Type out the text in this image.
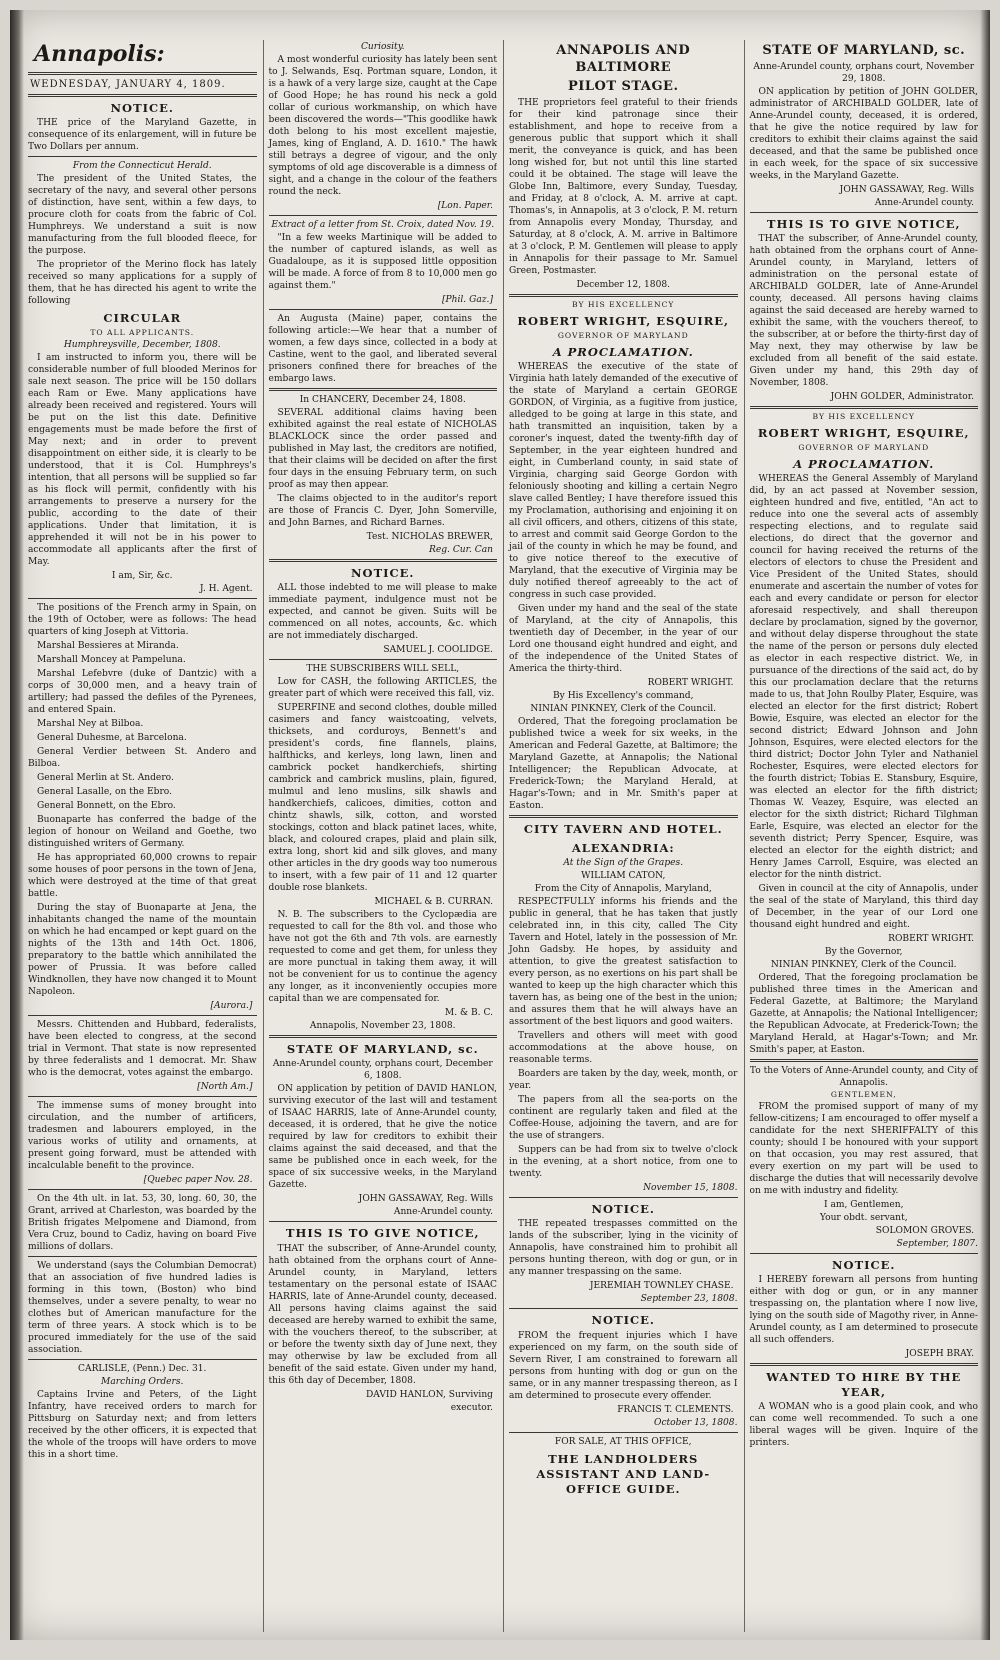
Annapolis:
WEDNESDAY, JANUARY 4, 1809.
NOTICE.

THE price of the Maryland Gazette, in consequence of its enlargement, will in future be Two Dollars per annum.

From the Connecticut Herald.

The president of the United States, the secretary of the navy, and several other persons of distinction, have sent, within a few days, to procure cloth for coats from the fabric of Col. Humphreys. We understand a suit is now manufacturing from the full blooded fleece, for the purpose.

The proprietor of the Merino flock has lately received so many applications for a supply of them, that he has directed his agent to write the following

CIRCULAR
TO ALL APPLICANTS.
Humphreysville, December, 1808.

I am instructed to inform you, there will be considerable number of full blooded Merinos for sale next season. The price will be 150 dollars each Ram or Ewe. Many applications have already been received and registered. Yours will be put on the list this date. Definitive engagements must be made before the first of May next; and in order to prevent disappointment on either side, it is clearly to be understood, that it is Col. Humphreys's intention, that all persons will be supplied so far as his flock will permit, confidently with his arrangements to preserve a nursery for the public, according to the date of their applications. Under that limitation, it is apprehended it will not be in his power to accommodate all applicants after the first of May.

I am, Sir, &c.
J. H. Agent.

The positions of the French army in Spain, on the 19th of October, were as follows: The head quarters of king Joseph at Vittoria.

Marshal Bessieres at Miranda.

Marshall Moncey at Pampeluna.

Marshal Lefebvre (duke of Dantzic) with a corps of 30,000 men, and a heavy train of artillery; had passed the defiles of the Pyrenees, and entered Spain.

Marshal Ney at Bilboa.

General Duhesme, at Barcelona.

General Verdier between St. Andero and Bilboa.

General Merlin at St. Andero.

General Lasalle, on the Ebro.

General Bonnett, on the Ebro.

Buonaparte has conferred the badge of the legion of honour on Weiland and Goethe, two distinguished writers of Germany.

He has appropriated 60,000 crowns to repair some houses of poor persons in the town of Jena, which were destroyed at the time of that great battle.

During the stay of Buonaparte at Jena, the inhabitants changed the name of the mountain on which he had encamped or kept guard on the nights of the 13th and 14th Oct. 1806, preparatory to the battle which annihilated the power of Prussia. It was before called Windknollen, they have now changed it to Mount Napoleon.

[Aurora.]

Messrs. Chittenden and Hubbard, federalists, have been elected to congress, at the second trial in Vermont. That state is now represented by three federalists and 1 democrat. Mr. Shaw who is the democrat, votes against the embargo.

[North Am.]

The immense sums of money brought into circulation, and the number of artificers, tradesmen and labourers employed, in the various works of utility and ornaments, at present going forward, must be attended with incalculable benefit to the province.

[Quebec paper Nov. 28.

On the 4th ult. in lat. 53, 30, long. 60, 30, the Grant, arrived at Charleston, was boarded by the British frigates Melpomene and Diamond, from Vera Cruz, bound to Cadiz, having on board Five millions of dollars.

We understand (says the Columbian Democrat) that an association of five hundred ladies is forming in this town, (Boston) who bind themselves, under a severe penalty, to wear no clothes but of American manufacture for the term of three years. A stock which is to be procured immediately for the use of the said association.

CARLISLE, (Penn.) Dec. 31.
Marching Orders.

Captains Irvine and Peters, of the Light Infantry, have received orders to march for Pittsburg on Saturday next; and from letters received by the other officers, it is expected that the whole of the troops will have orders to move this in a short time.

Curiosity.

A most wonderful curiosity has lately been sent to J. Selwands, Esq. Portman square, London, it is a hawk of a very large size, caught at the Cape of Good Hope; he has round his neck a gold collar of curious workmanship, on which have been discovered the words—"This goodlike hawk doth belong to his most excellent majestie, James, king of England, A. D. 1610." The hawk still betrays a degree of vigour, and the only symptoms of old age discoverable is a dimness of sight, and a change in the colour of the feathers round the neck.

[Lon. Paper.
Extract of a letter from St. Croix, dated Nov. 19.

"In a few weeks Martinique will be added to the number of captured islands, as well as Guadaloupe, as it is supposed little opposition will be made. A force of from 8 to 10,000 men go against them."

[Phil. Gaz.]

An Augusta (Maine) paper, contains the following article:—We hear that a number of women, a few days since, collected in a body at Castine, went to the gaol, and liberated several prisoners confined there for breaches of the embargo laws.

In CHANCERY, December 24, 1808.

SEVERAL additional claims having been exhibited against the real estate of NICHOLAS BLACKLOCK since the order passed and published in May last, the creditors are notified, that their claims will be decided on after the first four days in the ensuing February term, on such proof as may then appear.

The claims objected to in the auditor's report are those of Francis C. Dyer, John Somerville, and John Barnes, and Richard Barnes.

Test. NICHOLAS BREWER,
Reg. Cur. Can
NOTICE.

ALL those indebted to me will please to make immediate payment, indulgence must not be expected, and cannot be given. Suits will be commenced on all notes, accounts, &c. which are not immediately discharged.

SAMUEL J. COOLIDGE.
THE SUBSCRIBERS WILL SELL,

Low for CASH, the following ARTICLES, the greater part of which were received this fall, viz.

SUPERFINE and second clothes, double milled casimers and fancy waistcoating, velvets, thicksets, and corduroys, Bennett's and president's cords, fine flannels, plains, halfthicks, and kerleys, long lawn, linen and cambrick pocket handkerchiefs, shirting cambrick and cambrick muslins, plain, figured, mulmul and leno muslins, silk shawls and handkerchiefs, calicoes, dimities, cotton and chintz shawls, silk, cotton, and worsted stockings, cotton and black patinet laces, white, black, and coloured crapes, plaid and plain silk, extra long, short kid and silk gloves, and many other articles in the dry goods way too numerous to insert, with a few pair of 11 and 12 quarter double rose blankets.

MICHAEL & B. CURRAN.

N. B. The subscribers to the Cyclopædia are requested to call for the 8th vol. and those who have not got the 6th and 7th vols. are earnestly requested to come and get them, for unless they are more punctual in taking them away, it will not be convenient for us to continue the agency any longer, as it inconveniently occupies more capital than we are compensated for.

M. & B. C.
Annapolis, November 23, 1808.
STATE OF MARYLAND, sc.
Anne-Arundel county, orphans court, December 6, 1808.

ON application by petition of DAVID HANLON, surviving executor of the last will and testament of ISAAC HARRIS, late of Anne-Arundel county, deceased, it is ordered, that he give the notice required by law for creditors to exhibit their claims against the said deceased, and that the same be published once in each week, for the space of six successive weeks, in the Maryland Gazette.

JOHN GASSAWAY, Reg. Wills
Anne-Arundel county.
THIS IS TO GIVE NOTICE,

THAT the subscriber, of Anne-Arundel county, hath obtained from the orphans court of Anne-Arundel county, in Maryland, letters testamentary on the personal estate of ISAAC HARRIS, late of Anne-Arundel county, deceased. All persons having claims against the said deceased are hereby warned to exhibit the same, with the vouchers thereof, to the subscriber, at or before the twenty sixth day of June next, they may otherwise by law be excluded from all benefit of the said estate. Given under my hand, this 6th day of December, 1808.

DAVID HANLON, Surviving
executor.
ANNAPOLIS AND BALTIMORE
PILOT STAGE.

THE proprietors feel grateful to their friends for their kind patronage since their establishment, and hope to receive from a generous public that support which it shall merit, the conveyance is quick, and has been long wished for, but not until this line started could it be obtained. The stage will leave the Globe Inn, Baltimore, every Sunday, Tuesday, and Friday, at 8 o'clock, A. M. arrive at capt. Thomas's, in Annapolis, at 3 o'clock, P. M. return from Annapolis every Monday, Thursday, and Saturday, at 8 o'clock, A. M. arrive in Baltimore at 3 o'clock, P. M. Gentlemen will please to apply in Annapolis for their passage to Mr. Samuel Green, Postmaster.

December 12, 1808.
BY HIS EXCELLENCY
ROBERT WRIGHT, ESQUIRE,
GOVERNOR OF MARYLAND
A PROCLAMATION.

WHEREAS the executive of the state of Virginia hath lately demanded of the executive of the state of Maryland a certain GEORGE GORDON, of Virginia, as a fugitive from justice, alledged to be going at large in this state, and hath transmitted an inquisition, taken by a coroner's inquest, dated the twenty-fifth day of September, in the year eighteen hundred and eight, in Cumberland county, in said state of Virginia, charging said George Gordon with feloniously shooting and killing a certain Negro slave called Bentley; I have therefore issued this my Proclamation, authorising and enjoining it on all civil officers, and others, citizens of this state, to arrest and commit said George Gordon to the jail of the county in which he may be found, and to give notice thereof to the executive of Maryland, that the executive of Virginia may be duly notified thereof agreeably to the act of congress in such case provided.

Given under my hand and the seal of the state of Maryland, at the city of Annapolis, this twentieth day of December, in the year of our Lord one thousand eight hundred and eight, and of the independence of the United States of America the thirty-third.

ROBERT WRIGHT.
By His Excellency's command,
NINIAN PINKNEY, Clerk of the Council.

Ordered, That the foregoing proclamation be published twice a week for six weeks, in the American and Federal Gazette, at Baltimore; the Maryland Gazette, at Annapolis; the National Intelligencer; the Republican Advocate, at Frederick-Town; the Maryland Herald, at Hagar's-Town; and in Mr. Smith's paper at Easton.

CITY TAVERN AND HOTEL.
ALEXANDRIA:
At the Sign of the Grapes.
WILLIAM CATON,
From the City of Annapolis, Maryland,

RESPECTFULLY informs his friends and the public in general, that he has taken that justly celebrated inn, in this city, called The City Tavern and Hotel, lately in the possession of Mr. John Gadsby. He hopes, by assiduity and attention, to give the greatest satisfaction to every person, as no exertions on his part shall be wanted to keep up the high character which this tavern has, as being one of the best in the union; and assures them that he will always have an assortment of the best liquors and good waiters.

Travellers and others will meet with good accommodations at the above house, on reasonable terms.

Boarders are taken by the day, week, month, or year.

The papers from all the sea-ports on the continent are regularly taken and filed at the Coffee-House, adjoining the tavern, and are for the use of strangers.

Suppers can be had from six to twelve o'clock in the evening, at a short notice, from one to twenty.

November 15, 1808.
NOTICE.

THE repeated trespasses committed on the lands of the subscriber, lying in the vicinity of Annapolis, have constrained him to prohibit all persons hunting thereon, with dog or gun, or in any manner trespassing on the same.

JEREMIAH TOWNLEY CHASE.
September 23, 1808.
NOTICE.

FROM the frequent injuries which I have experienced on my farm, on the south side of Severn River, I am constrained to forewarn all persons from hunting with dog or gun on the same, or in any manner trespassing thereon, as I am determined to prosecute every offender.

FRANCIS T. CLEMENTS.
October 13, 1808.
FOR SALE, AT THIS OFFICE,
THE LANDHOLDERS ASSISTANT AND LAND-OFFICE GUIDE.
STATE OF MARYLAND, sc.
Anne-Arundel county, orphans court, November 29, 1808.

ON application by petition of JOHN GOLDER, administrator of ARCHIBALD GOLDER, late of Anne-Arundel county, deceased, it is ordered, that he give the notice required by law for creditors to exhibit their claims against the said deceased, and that the same be published once in each week, for the space of six successive weeks, in the Maryland Gazette.

JOHN GASSAWAY, Reg. Wills
Anne-Arundel county.
THIS IS TO GIVE NOTICE,

THAT the subscriber, of Anne-Arundel county, hath obtained from the orphans court of Anne-Arundel county, in Maryland, letters of administration on the personal estate of ARCHIBALD GOLDER, late of Anne-Arundel county, deceased. All persons having claims against the said deceased are hereby warned to exhibit the same, with the vouchers thereof, to the subscriber, at or before the thirty-first day of May next, they may otherwise by law be excluded from all benefit of the said estate. Given under my hand, this 29th day of November, 1808.

JOHN GOLDER, Administrator.
BY HIS EXCELLENCY
ROBERT WRIGHT, ESQUIRE,
GOVERNOR OF MARYLAND
A PROCLAMATION.

WHEREAS the General Assembly of Maryland did, by an act passed at November session, eighteen hundred and five, entitled, "An act to reduce into one the several acts of assembly respecting elections, and to regulate said elections, do direct that the governor and council for having received the returns of the electors of electors to chuse the President and Vice President of the United States, should enumerate and ascertain the number of votes for each and every candidate or person for elector aforesaid respectively, and shall thereupon declare by proclamation, signed by the governor, and without delay disperse throughout the state the name of the person or persons duly elected as elector in each respective district. We, in pursuance of the directions of the said act, do by this our proclamation declare that the returns made to us, that John Roulby Plater, Esquire, was elected an elector for the first district; Robert Bowie, Esquire, was elected an elector for the second district; Edward Johnson and John Johnson, Esquires, were elected electors for the third district; Doctor John Tyler and Nathaniel Rochester, Esquires, were elected electors for the fourth district; Tobias E. Stansbury, Esquire, was elected an elector for the fifth district; Thomas W. Veazey, Esquire, was elected an elector for the sixth district; Richard Tilghman Earle, Esquire, was elected an elector for the seventh district; Perry Spencer, Esquire, was elected an elector for the eighth district; and Henry James Carroll, Esquire, was elected an elector for the ninth district.

Given in council at the city of Annapolis, under the seal of the state of Maryland, this third day of December, in the year of our Lord one thousand eight hundred and eight.

ROBERT WRIGHT.
By the Governor,
NINIAN PINKNEY, Clerk of the Council.

Ordered, That the foregoing proclamation be published three times in the American and Federal Gazette, at Baltimore; the Maryland Gazette, at Annapolis; the National Intelligencer; the Republican Advocate, at Frederick-Town; the Maryland Herald, at Hagar's-Town; and Mr. Smith's paper, at Easton.

To the Voters of Anne-Arundel county, and City of Annapolis.
GENTLEMEN,

FROM the promised support of many of my fellow-citizens; I am encouraged to offer myself a candidate for the next SHERIFFALTY of this county; should I be honoured with your support on that occasion, you may rest assured, that every exertion on my part will be used to discharge the duties that will necessarily devolve on me with industry and fidelity.

I am, Gentlemen,
Your obdt. servant,
SOLOMON GROVES.
September, 1807.
NOTICE.

I HEREBY forewarn all persons from hunting either with dog or gun, or in any manner trespassing on, the plantation where I now live, lying on the south side of Magothy river, in Anne-Arundel county, as I am determined to prosecute all such offenders.

JOSEPH BRAY.
WANTED TO HIRE BY THE YEAR,

A WOMAN who is a good plain cook, and who can come well recommended. To such a one liberal wages will be given. Inquire of the printers.
